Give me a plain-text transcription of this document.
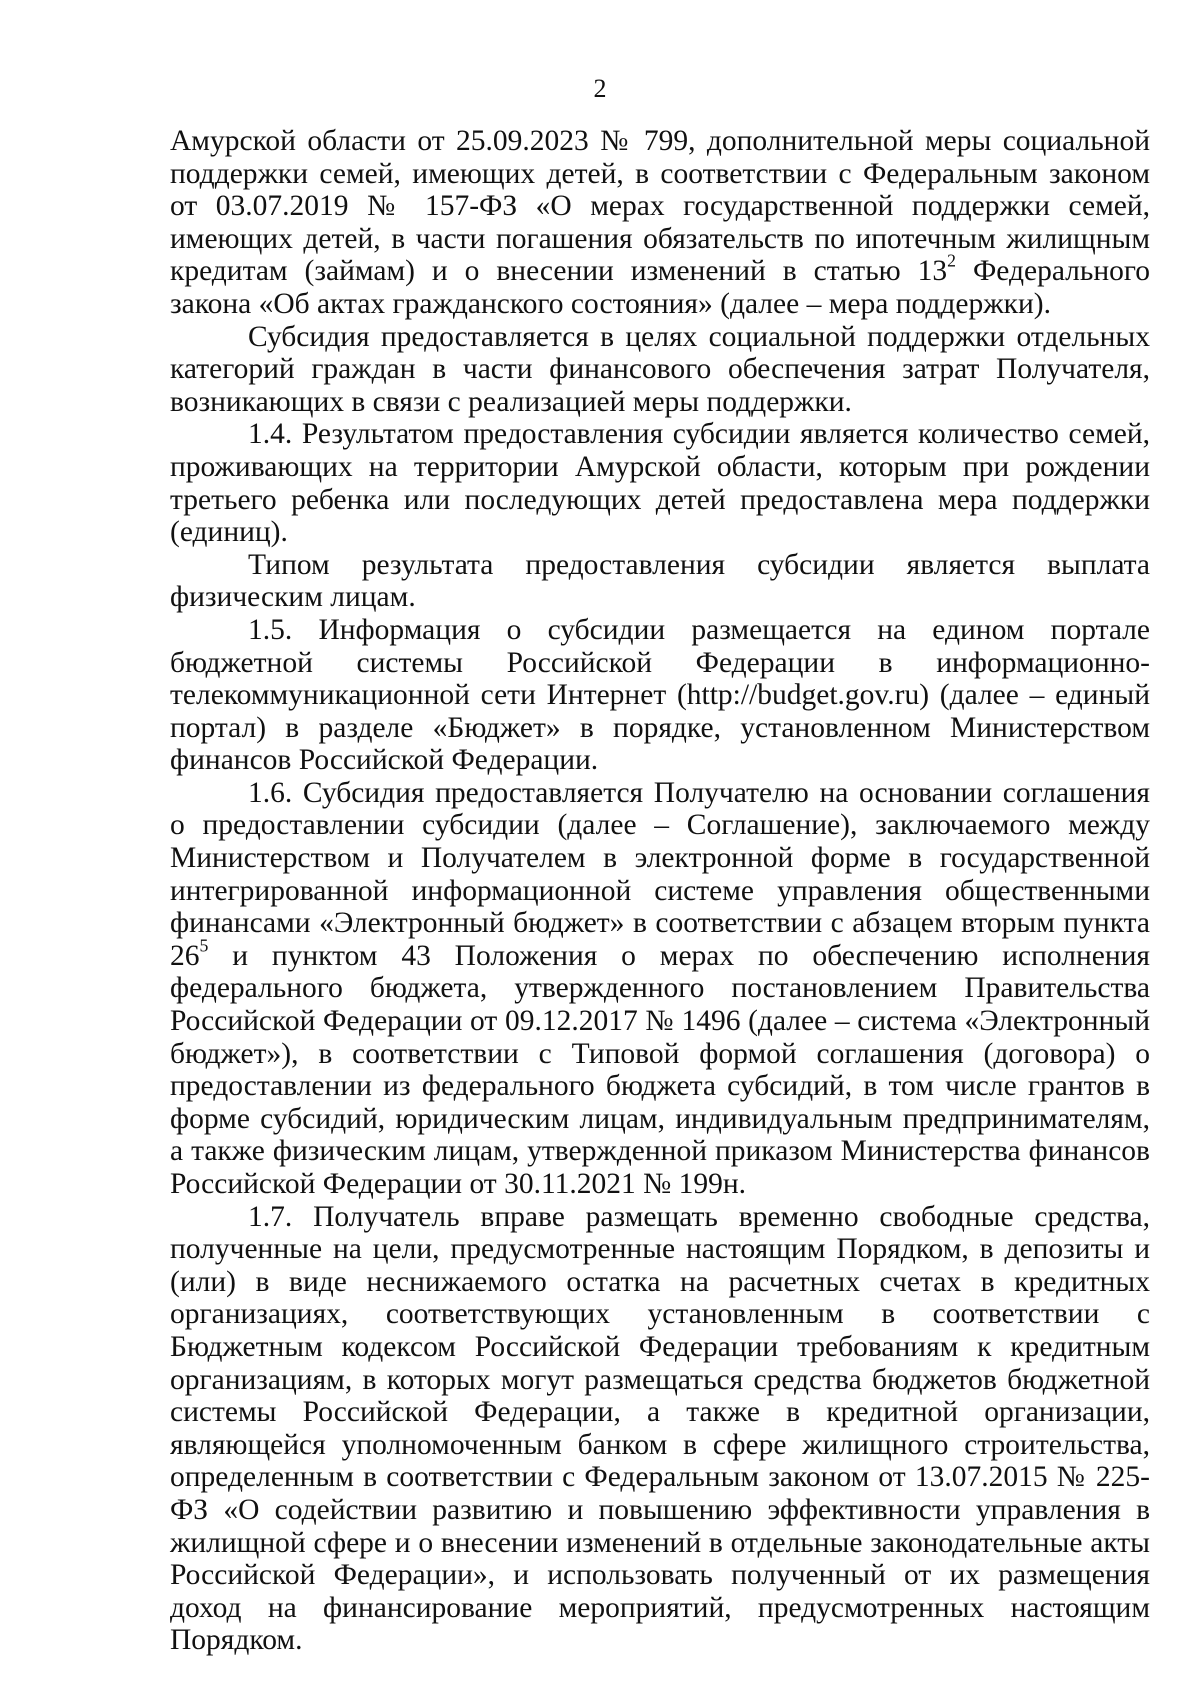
2

Амурской области от 25.09.2023 № 799, дополнительной меры социальной поддержки семей, имеющих детей, в соответствии с Федеральным законом от 03.07.2019 № 157-ФЗ «О мерах государственной поддержки семей, имеющих детей, в части погашения обязательств по ипотечным жилищным кредитам (займам) и о внесении изменений в статью $13^2$ Федерального закона «Об актах гражданского состояния» (далее – мера поддержки).

Субсидия предоставляется в целях социальной поддержки отдельных категорий граждан в части финансового обеспечения затрат Получателя, возникающих в связи с реализацией меры поддержки.

1.4. Результатом предоставления субсидии является количество семей, проживающих на территории Амурской области, которым при рождении третьего ребенка или последующих детей предоставлена мера поддержки (единиц).

Типом результата предоставления субсидии является выплата физическим лицам.

1.5. Информация о субсидии размещается на едином портале бюджетной системы Российской Федерации в информационно-телекоммуникационной сети Интернет (http://budget.gov.ru) (далее – единый портал) в разделе «Бюджет» в порядке, установленном Министерством финансов Российской Федерации.

1.6. Субсидия предоставляется Получателю на основании соглашения о предоставлении субсидии (далее – Соглашение), заключаемого между Министерством и Получателем в электронной форме в государственной интегрированной информационной системе управления общественными финансами «Электронный бюджет» в соответствии с абзацем вторым пункта $26^5$ и пунктом 43 Положения о мерах по обеспечению исполнения федерального бюджета, утвержденного постановлением Правительства Российской Федерации от 09.12.2017 № 1496 (далее – система «Электронный бюджет»), в соответствии с Типовой формой соглашения (договора) о предоставлении из федерального бюджета субсидий, в том числе грантов в форме субсидий, юридическим лицам, индивидуальным предпринимателям, а также физическим лицам, утвержденной приказом Министерства финансов Российской Федерации от 30.11.2021 № 199н.

1.7. Получатель вправе размещать временно свободные средства, полученные на цели, предусмотренные настоящим Порядком, в депозиты и (или) в виде неснижаемого остатка на расчетных счетах в кредитных организациях, соответствующих установленным в соответствии с Бюджетным кодексом Российской Федерации требованиям к кредитным организациям, в которых могут размещаться средства бюджетов бюджетной системы Российской Федерации, а также в кредитной организации, являющейся уполномоченным банком в сфере жилищного строительства, определенным в соответствии с Федеральным законом от 13.07.2015 № 225-ФЗ «О содействии развитию и повышению эффективности управления в жилищной сфере и о внесении изменений в отдельные законодательные акты Российской Федерации», и использовать полученный от их размещения доход на финансирование мероприятий, предусмотренных настоящим Порядком.
